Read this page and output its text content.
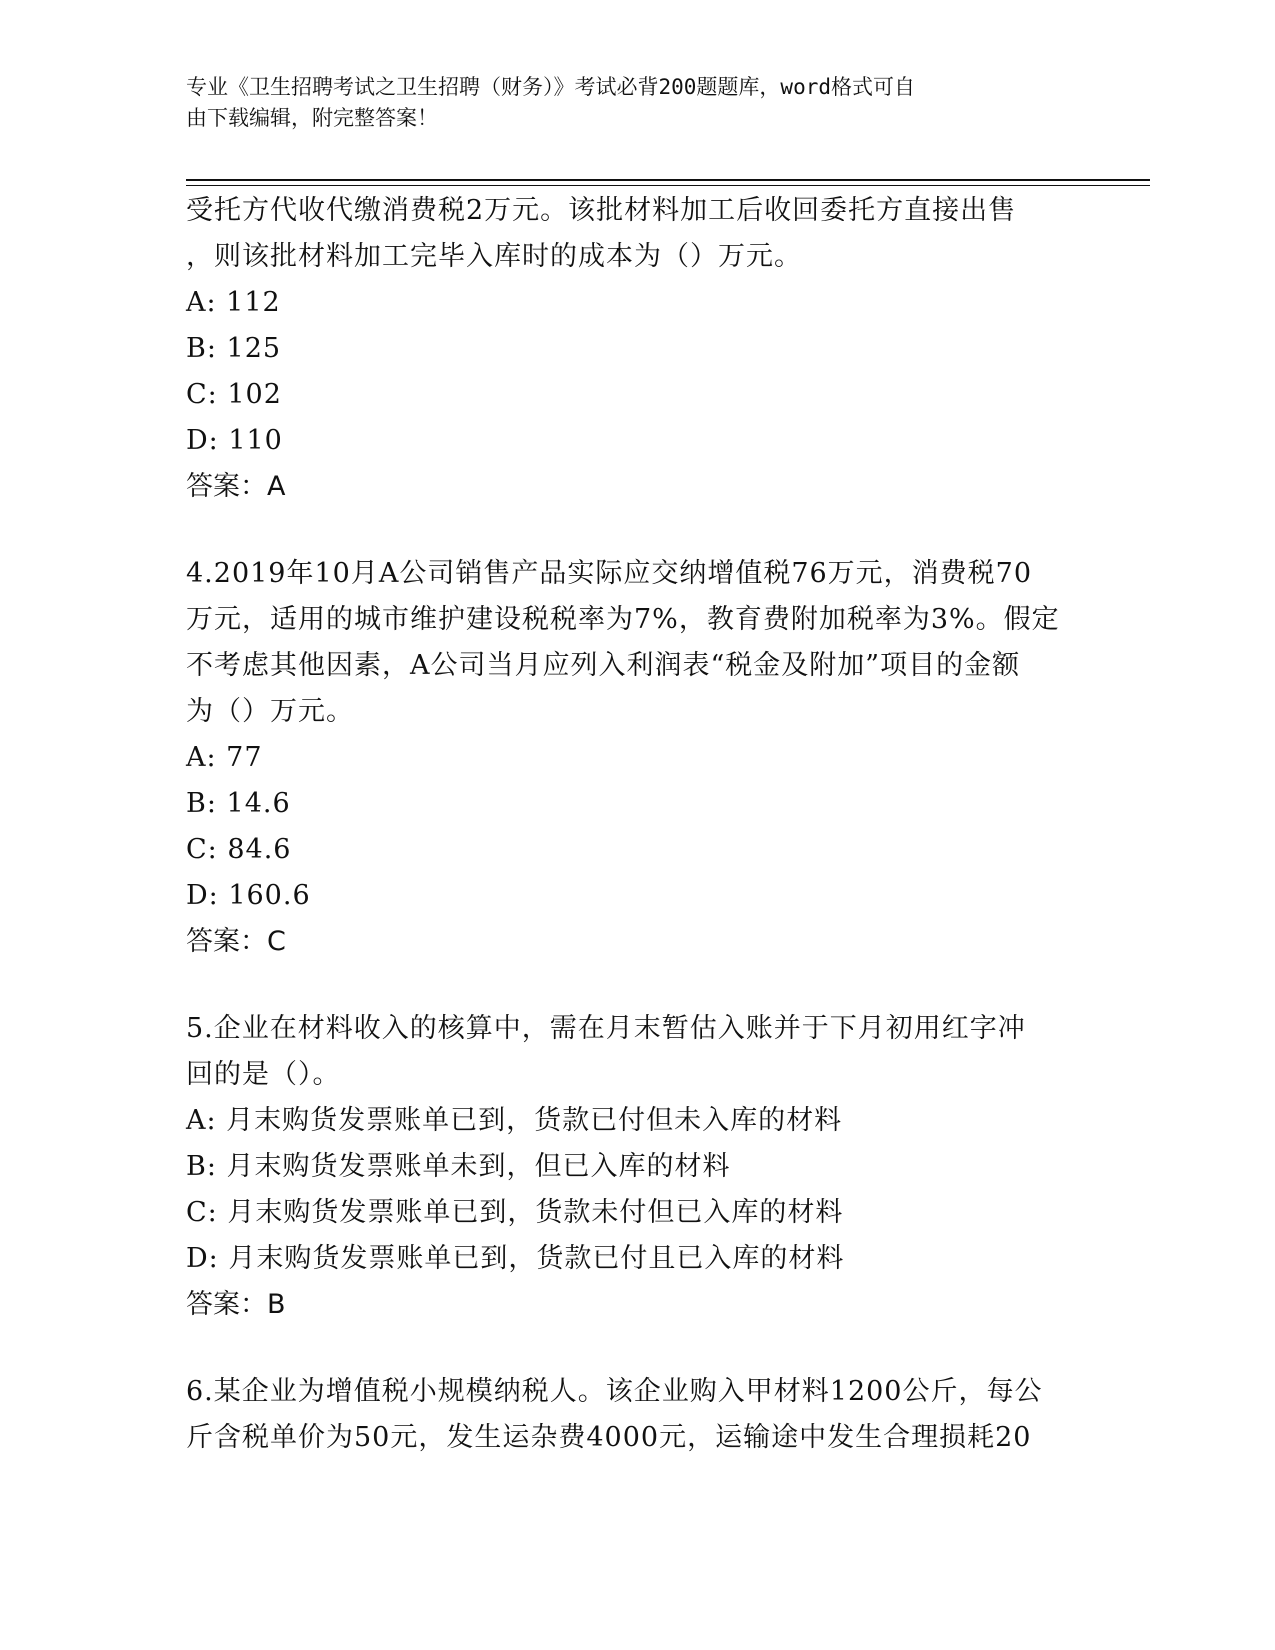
专业《卫生招聘考试之卫生招聘（财务）》考试必背200题题库，word格式可自
由下载编辑，附完整答案！
受托方代收代缴消费税2万元。该批材料加工后收回委托方直接出售
，则该批材料加工完毕入库时的成本为（）万元。
A: 112
B: 125
C: 102
D: 110
答案：A
4.2019年10月A公司销售产品实际应交纳增值税76万元，消费税70
万元，适用的城市维护建设税税率为7%，教育费附加税率为3%。假定
不考虑其他因素，A公司当月应列入利润表“税金及附加”项目的金额
为（）万元。
A: 77
B: 14.6
C: 84.6
D: 160.6
答案：C
5.企业在材料收入的核算中，需在月末暂估入账并于下月初用红字冲
回的是（）。
A: 月末购货发票账单已到，货款已付但未入库的材料
B: 月末购货发票账单未到，但已入库的材料
C: 月末购货发票账单已到，货款未付但已入库的材料
D: 月末购货发票账单已到，货款已付且已入库的材料
答案：B
6.某企业为增值税小规模纳税人。该企业购入甲材料1200公斤，每公
斤含税单价为50元，发生运杂费4000元，运输途中发生合理损耗20
